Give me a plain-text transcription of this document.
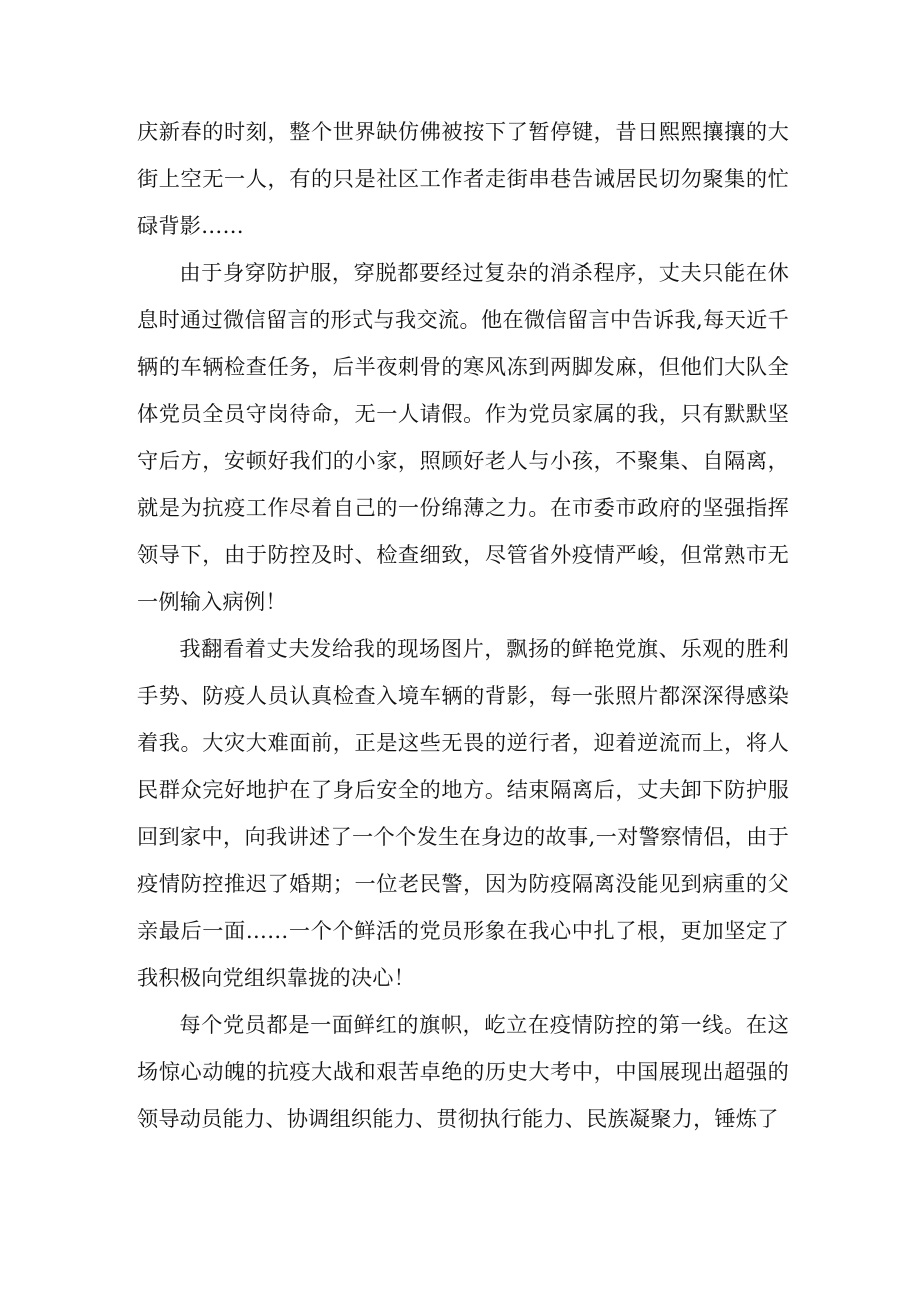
庆新春的时刻，整个世界缺仿佛被按下了暂停键，昔日熙熙攘攘的大街上空无一人，有的只是社区工作者走街串巷告诫居民切勿聚集的忙碌背影……

由于身穿防护服，穿脱都要经过复杂的消杀程序，丈夫只能在休息时通过微信留言的形式与我交流。他在微信留言中告诉我,每天近千辆的车辆检查任务，后半夜刺骨的寒风冻到两脚发麻，但他们大队全体党员全员守岗待命，无一人请假。作为党员家属的我，只有默默坚守后方，安顿好我们的小家，照顾好老人与小孩，不聚集、自隔离，就是为抗疫工作尽着自己的一份绵薄之力。在市委市政府的坚强指挥领导下，由于防控及时、检查细致，尽管省外疫情严峻，但常熟市无一例输入病例！

我翻看着丈夫发给我的现场图片，飘扬的鲜艳党旗、乐观的胜利手势、防疫人员认真检查入境车辆的背影，每一张照片都深深得感染着我。大灾大难面前，正是这些无畏的逆行者，迎着逆流而上，将人民群众完好地护在了身后安全的地方。结束隔离后，丈夫卸下防护服回到家中，向我讲述了一个个发生在身边的故事,一对警察情侣，由于疫情防控推迟了婚期；一位老民警，因为防疫隔离没能见到病重的父亲最后一面……一个个鲜活的党员形象在我心中扎了根，更加坚定了我积极向党组织靠拢的决心！

每个党员都是一面鲜红的旗帜，屹立在疫情防控的第一线。在这场惊心动魄的抗疫大战和艰苦卓绝的历史大考中，中国展现出超强的领导动员能力、协调组织能力、贯彻执行能力、民族凝聚力，锤炼了
